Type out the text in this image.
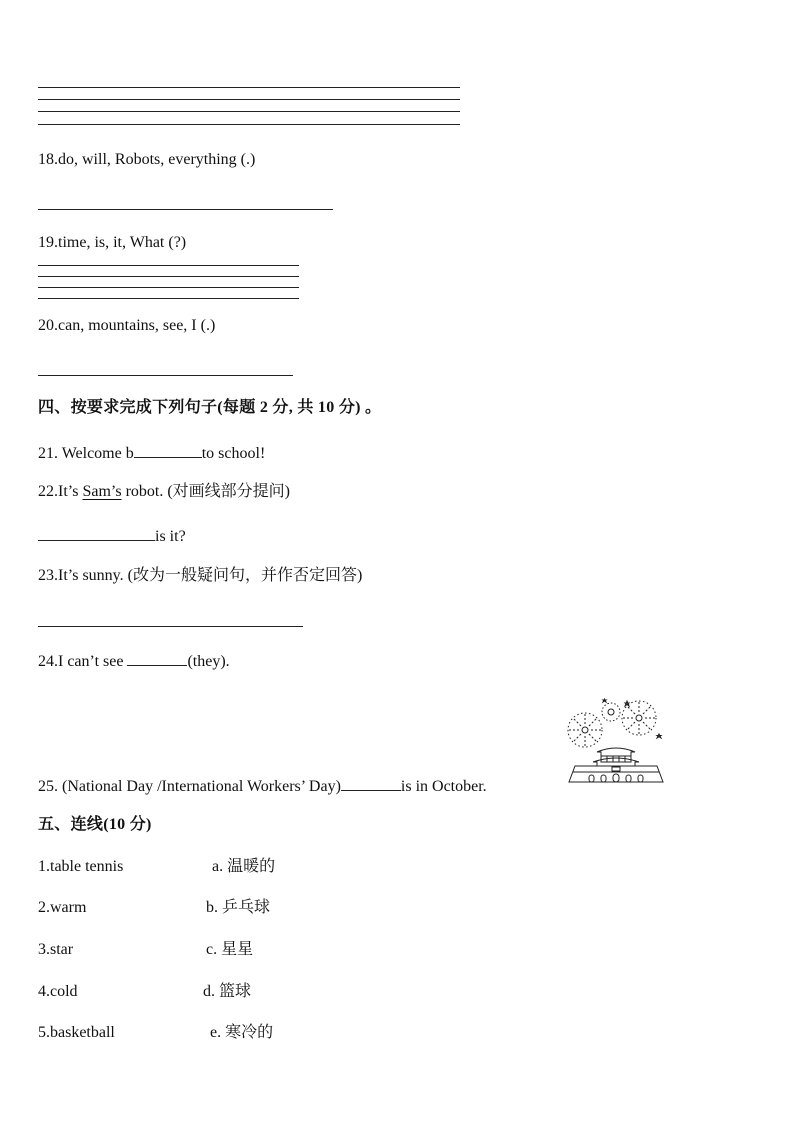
18.do, will, Robots, everything (.)
19.time, is, it, What (?)
20.can, mountains, see, I (.)
四、按要求完成下列句子(每题 2 分, 共 10 分) 。
21. Welcome b	to school!
22.It’s Sam’s robot. (对画线部分提问)
is it?
23.It’s sunny. (改为一般疑问句，并作否定回答)
24.I can’t see	(they).
25. (National Day /International Workers’ Day)	is in October.
五、连线(10 分)
1.table tennis	a. 温暖的
2.warm	b. 乒乓球
3.star	c. 星星
4.cold	d. 篮球
5.basketball	e. 寒冷的
